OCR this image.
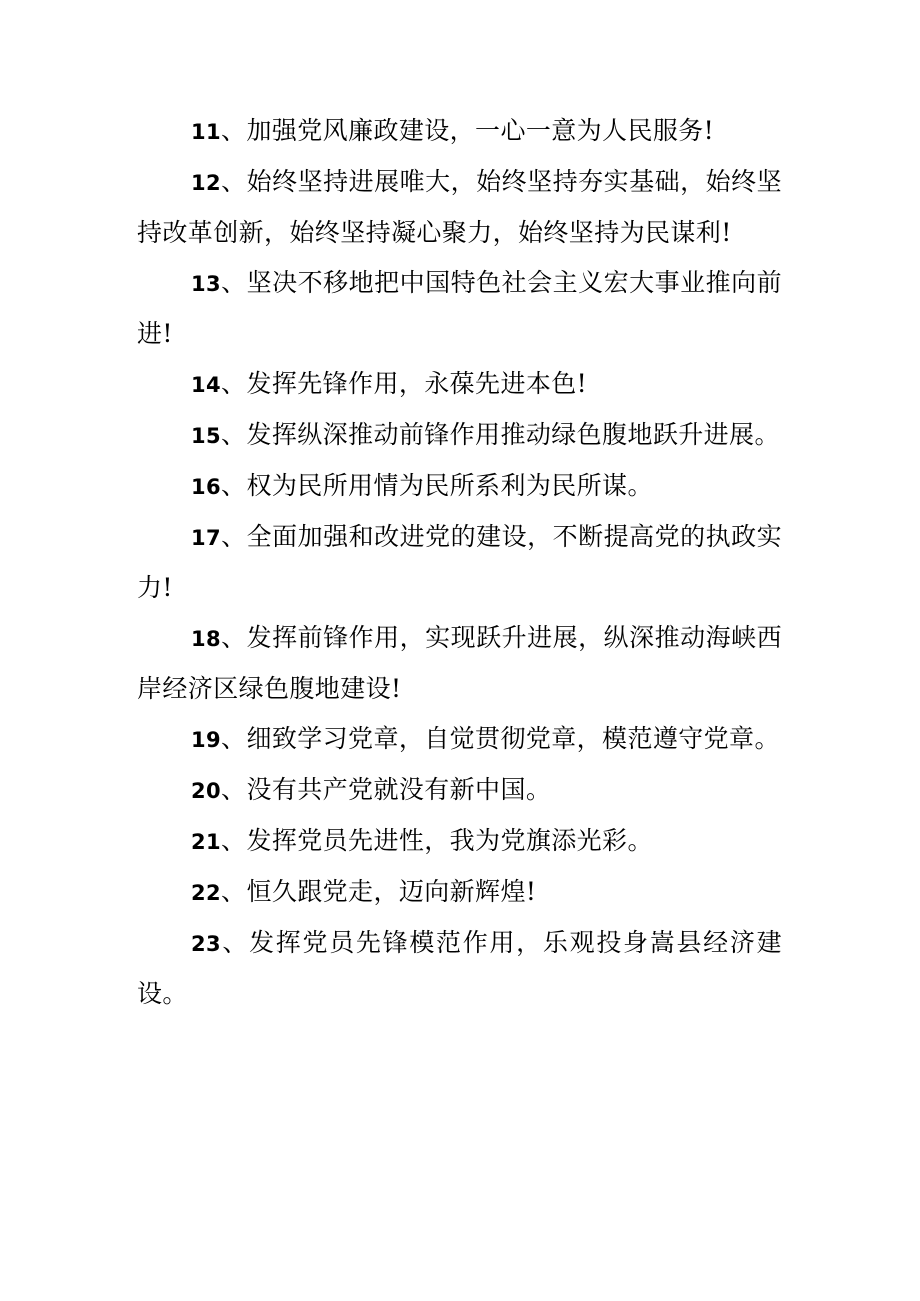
11、加强党风廉政建设，一心一意为人民服务!

12、始终坚持进展唯大，始终坚持夯实基础，始终坚持改革创新，始终坚持凝心聚力，始终坚持为民谋利!

13、坚决不移地把中国特色社会主义宏大事业推向前进!

14、发挥先锋作用，永葆先进本色!

15、发挥纵深推动前锋作用推动绿色腹地跃升进展。

16、权为民所用情为民所系利为民所谋。

17、全面加强和改进党的建设，不断提高党的执政实力!

18、发挥前锋作用，实现跃升进展，纵深推动海峡西岸经济区绿色腹地建设!

19、细致学习党章，自觉贯彻党章，模范遵守党章。

20、没有共产党就没有新中国。

21、发挥党员先进性，我为党旗添光彩。

22、恒久跟党走，迈向新辉煌!

23、发挥党员先锋模范作用，乐观投身嵩县经济建设。
